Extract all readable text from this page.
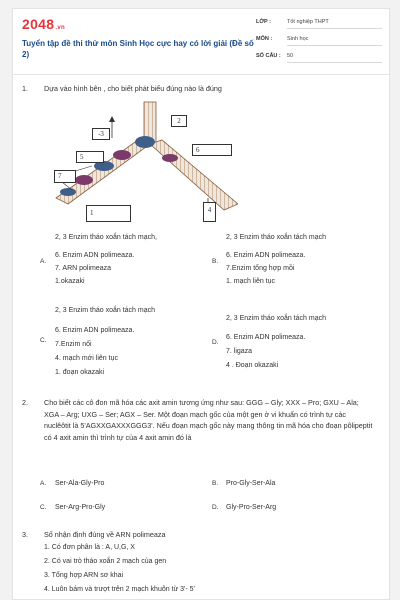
2048.vn
Tuyển tập đề thi thử môn Sinh Học cực hay có lời giải (Đề số 2)
LỚP :	Tốt nghiệp THPT
MÔN :	Sinh học
SỐ CÂU :	50
1. Dựa vào hình bên , cho biết phát biểu đúng nào là đúng
2
-3
6
5
7
4
1
2, 3 Enzim tháo xoắn tách mạch,
A.
6. Enzim ADN polimeaza.
7. ARN polimeaza
1.okazaki
2, 3 Enzim tháo xoắn tách mạch
B.
6. Enzim ADN polimeaza.
7.Enzim tổng hợp mồi
1. mạch liên tục
2, 3 Enzim tháo xoắn tách mạch
C.
6. Enzim ADN polimeaza.
7.Enzim nối
4. mạch mới liên tục
1. đoạn okazaki
2, 3 Enzim tháo xoắn tách mạch
D.
6. Enzim ADN polimeaza.
7. ligaza
4 . Đoạn okazaki
2. Cho biết các cô đon mã hóa các axit amin tương ứng như sau: GGG – Gly; XXX – Pro; GXU – Ala; XGA – Arg; UXG – Ser; AGX – Ser. Một đoạn mạch gốc của một gen ở vi khuẩn có trình tự các nuclêôtit là 5'AGXXGAXXXGGG3'. Nếu đoạn mạch gốc này mang thông tin mã hóa cho đoạn pôlipeptit có 4 axit amin thì trình tự của 4 axit amin đó là
A. Ser-Ala-Gly-Pro	B. Pro-Gly-Ser-Ala
C. Ser-Arg-Pro-Gly	D. Gly-Pro-Ser-Arg
3. Số nhận định đúng về ARN polimeaza
1. Có đơn phân là : A, U,G, X
2. Có vai trò tháo xoắn 2 mạch của gen
3. Tổng hợp ARN sơ khai
4. Luôn bám và trượt trên 2 mạch khuôn từ 3'- 5'
